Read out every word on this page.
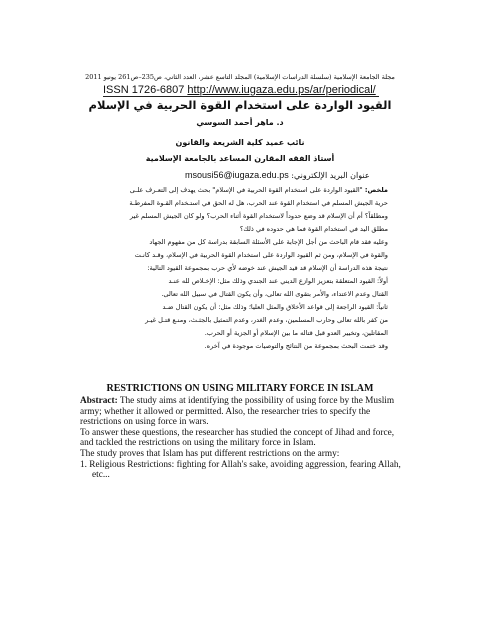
مجلة الجامعة الإسلامية (سلسلة الدراسات الإسلامية) المجلد التاسع عشر، العدد الثاني، ص235–ص261 يونيو 2011
ISSN 1726-6807 http://www.iugaza.edu.ps/ar/periodical/
القيود الواردة على استخدام القوة الحربية في الإسلام
د. ماهر أحمد السوسي
نائب عميد كلية الشريعة والقانون
أستاذ الفقه المقارن المساعد بالجامعة الإسلامية
عنوان البريد الإلكتروني: msousi56@iugaza.edu.ps

ملخص: "القيود الواردة على استخدام القوة الحربية في الإسلام" بحث يهدف إلى التعـرف علـى

حرية الجيش المسلم في استخدام القوة عند الحرب، هل له الحق في استـخدام القـوة المفرطـة

ومطلقاً؟ أم أن الإسلام قد وضع حدوداً لاستخدام القوة أثناء الحرب؟ ولو كان الجيش المسلم غير

مطلق اليد في استخدام القوة فما هي حدوده في ذلك؟

وعليه فقد قام الباحث من أجل الإجابة على الأسئلة السابقة بدراسة كل من مفهوم الجهاد

والقوة في الإسلام، ومن ثم القيود الواردة على استخدام القوة الحربية في الإسلام، وقـد كانـت

نتيجة هذه الدراسة أن الإسلام قد قيد الجيش عند خوضه لأي حرب بمجموعة القيود التالية:

أولاً: القيود المتعلقة بتعزيز الوازع الديني عند الجندي وذلك مثل: الإخـلاص لله عنـد

القتال وعدم الاعتداء، والأمر بتقوى الله تعالى، وأن يكون القتال في سبيل الله تعالى.

ثانياً: القيود الراجعة إلى قواعد الأخلاق والمثل العليا؛ وذلك مثل: أن يكون القتال ضـد

من كفر بالله تعالى وحارب المسلمين، وعدم الغدر، وعدم التمثيل بالجثـث، ومنـع قتـل غيـر

المقاتلين، وتخيير العدو قبل قتاله ما بين الإسلام أو الجزية أو الحرب.

وقد ختمت البحث بمجموعة من النتائج والتوصيات موجودة في آخره.

RESTRICTIONS ON USING MILITARY FORCE IN ISLAM

Abstract: The study aims at identifying the possibility of using force by the Muslim army; whether it allowed or permitted. Also, the researcher tries to specify the restrictions on using force in wars.

To answer these questions, the researcher has studied the concept of Jihad and force, and tackled the restrictions on using the military force in Islam.

The study proves that Islam has put different restrictions on the army:

1. Religious Restrictions: fighting for Allah's sake, avoiding aggression, fearing Allah, etc...
